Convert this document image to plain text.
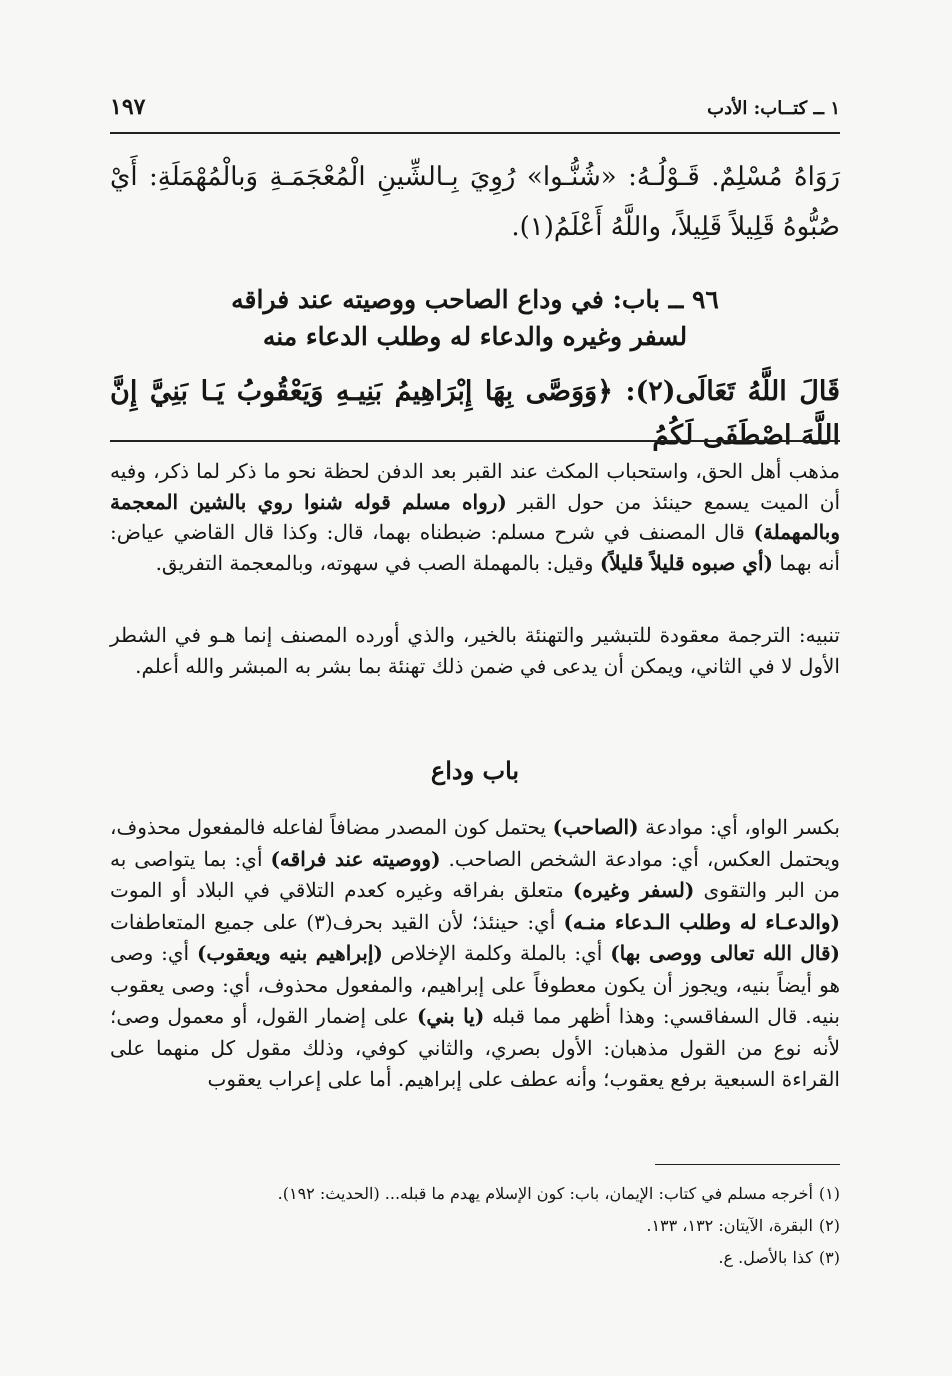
١ ــ كتــاب: الأدب
١٩٧
رَوَاهُ مُسْلِمٌ. قَـوْلُـهُ: «شُنُّـوا» رُوِيَ بِـالشِّينِ الْمُعْجَمَـةِ وَبالْمُهْمَلَةِ: أَيْ صُبُّوهُ قَلِيلاً قَلِيلاً، واللَّهُ أَعْلَمُ(١).
٩٦ ــ باب: في وداع الصاحب ووصيته عند فراقه
لسفر وغيره والدعاء له وطلب الدعاء منه
قَالَ اللَّهُ تَعَالَى(٢): ﴿وَوَصَّى بِهَا إِبْرَاهِيمُ بَنِيـهِ وَيَعْقُوبُ يَـا بَنِيَّ إِنَّ اللَّهَ اصْطَفَى لَكُمُ
مذهب أهل الحق، واستحباب المكث عند القبر بعد الدفن لحظة نحو ما ذكر لما ذكر، وفيه أن الميت يسمع حينئذ من حول القبر (رواه مسلم قوله شنوا روي بالشين المعجمة وبالمهملة) قال المصنف في شرح مسلم: ضبطناه بهما، قال: وكذا قال القاضي عياض: أنه بهما (أي صبوه قليلاً قليلاً) وقيل: بالمهملة الصب في سهوته، وبالمعجمة التفريق.
تنبيه: الترجمة معقودة للتبشير والتهنئة بالخير، والذي أورده المصنف إنما هـو في الشطر الأول لا في الثاني، ويمكن أن يدعى في ضمن ذلك تهنئة بما بشر به المبشر والله أعلم.
باب وداع
بكسر الواو، أي: موادعة (الصاحب) يحتمل كون المصدر مضافاً لفاعله فالمفعول محذوف، ويحتمل العكس، أي: موادعة الشخص الصاحب. (ووصيته عند فراقه) أي: بما يتواصى به من البر والتقوى (لسفر وغيره) متعلق بفراقه وغيره كعدم التلاقي في البلاد أو الموت (والدعـاء له وطلب الـدعاء منـه) أي: حينئذ؛ لأن القيد بحرف(٣) على جميع المتعاطفات (قال الله تعالى ووصى بها) أي: بالملة وكلمة الإخلاص (إبراهيم بنيه ويعقوب) أي: وصى هو أيضاً بنيه، ويجوز أن يكون معطوفاً على إبراهيم، والمفعول محذوف، أي: وصى يعقوب بنيه. قال السفاقسي: وهذا أظهر مما قبله (يا بني) على إضمار القول، أو معمول وصى؛ لأنه نوع من القول مذهبان: الأول بصري، والثاني كوفي، وذلك مقول كل منهما على القراءة السبعية برفع يعقوب؛ وأنه عطف على إبراهيم. أما على إعراب يعقوب
(١)أخرجه مسلم في كتاب: الإيمان، باب: كون الإسلام يهدم ما قبله... (الحديث: ١٩٢).
(٢)البقرة، الآيتان: ١٣٢، ١٣٣.
(٣)كذا بالأصل. ع.
